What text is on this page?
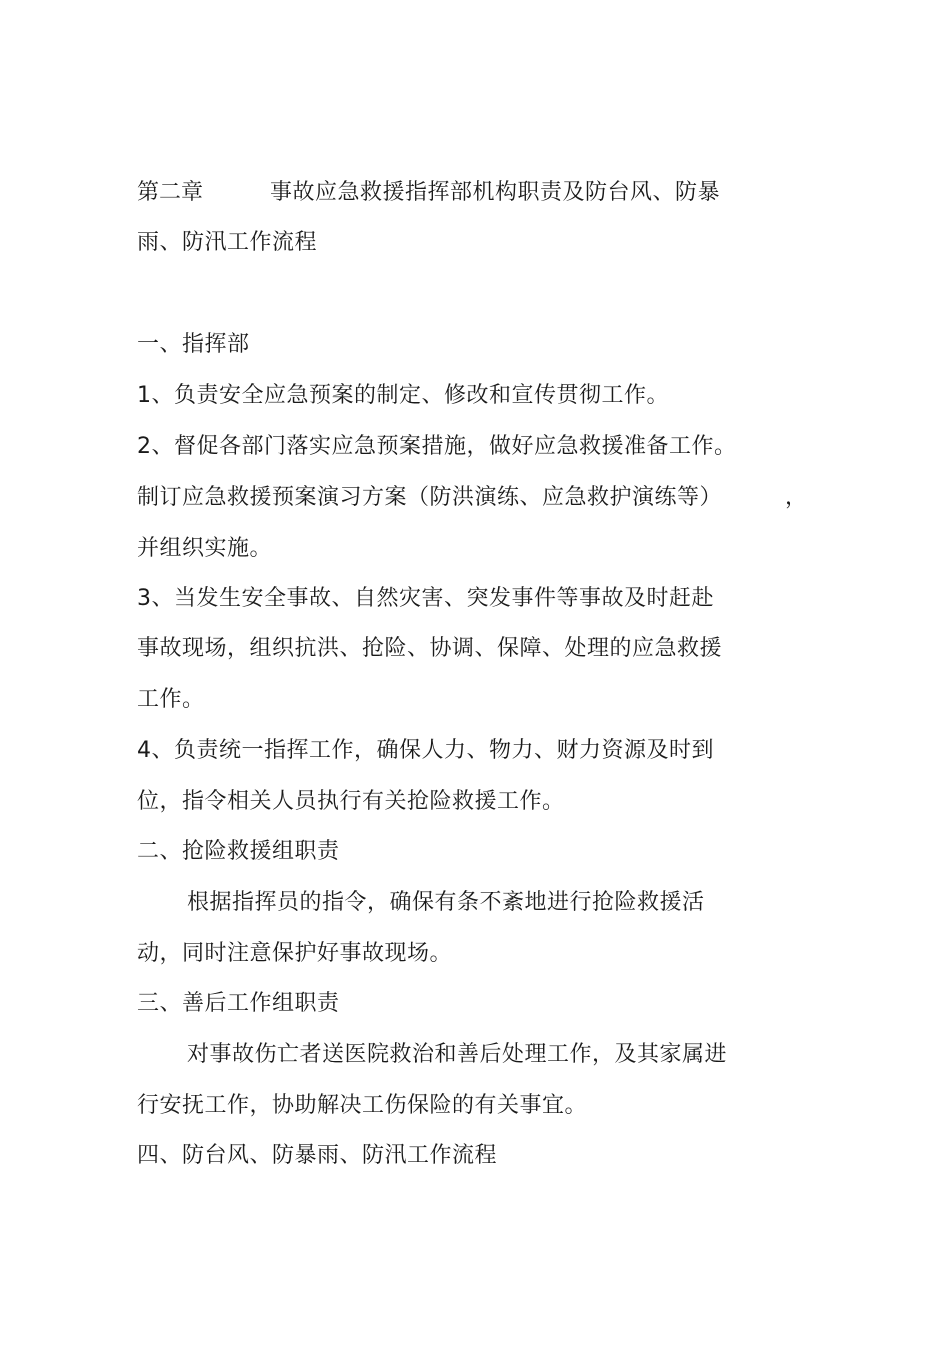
第二章	事故应急救援指挥部机构职责及防台风、防暴
雨、防汛工作流程
一、指挥部
1、负责安全应急预案的制定、修改和宣传贯彻工作。
2、督促各部门落实应急预案措施，做好应急救援准备工作。
制订应急救援预案演习方案（防洪演练、应急救护演练等）	，
并组织实施。
3、当发生安全事故、自然灾害、突发事件等事故及时赶赴
事故现场，组织抗洪、抢险、协调、保障、处理的应急救援
工作。
4、负责统一指挥工作，确保人力、物力、财力资源及时到
位，指令相关人员执行有关抢险救援工作。
二、抢险救援组职责
根据指挥员的指令，确保有条不紊地进行抢险救援活
动，同时注意保护好事故现场。
三、善后工作组职责
对事故伤亡者送医院救治和善后处理工作，及其家属进
行安抚工作，协助解决工伤保险的有关事宜。
四、防台风、防暴雨、防汛工作流程
